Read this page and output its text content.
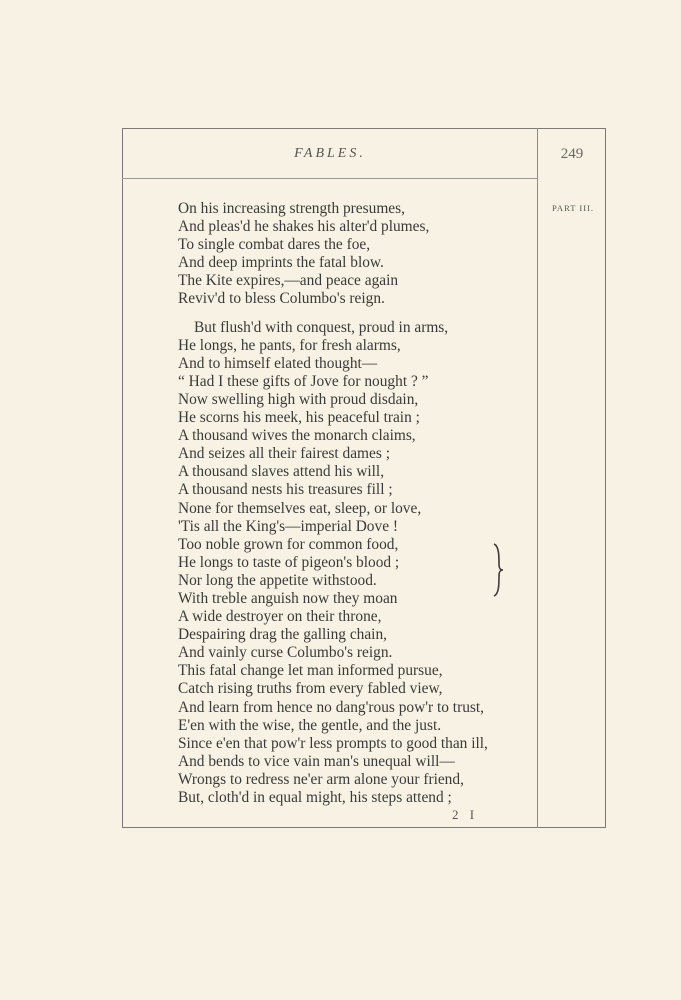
FABLES.	249
PART III.
On his increasing strength presumes,
And pleas'd he shakes his alter'd plumes,
To single combat dares the foe,
And deep imprints the fatal blow.
The Kite expires,—and peace again
Reviv'd to bless Columbo's reign.
But flush'd with conquest, proud in arms,
He longs, he pants, for fresh alarms,
And to himself elated thought—
“ Had I these gifts of Jove for nought ? ”
Now swelling high with proud disdain,
He scorns his meek, his peaceful train ;
A thousand wives the monarch claims,
And seizes all their fairest dames ;
A thousand slaves attend his will,
A thousand nests his treasures fill ;
None for themselves eat, sleep, or love,
'Tis all the King's—imperial Dove !
Too noble grown for common food,
He longs to taste of pigeon's blood ;
Nor long the appetite withstood.
With treble anguish now they moan
A wide destroyer on their throne,
Despairing drag the galling chain,
And vainly curse Columbo's reign.
This fatal change let man informed pursue,
Catch rising truths from every fabled view,
And learn from hence no dang'rous pow'r to trust,
E'en with the wise, the gentle, and the just.
Since e'en that pow'r less prompts to good than ill,
And bends to vice vain man's unequal will—
Wrongs to redress ne'er arm alone your friend,
But, cloth'd in equal might, his steps attend ;
2 I
